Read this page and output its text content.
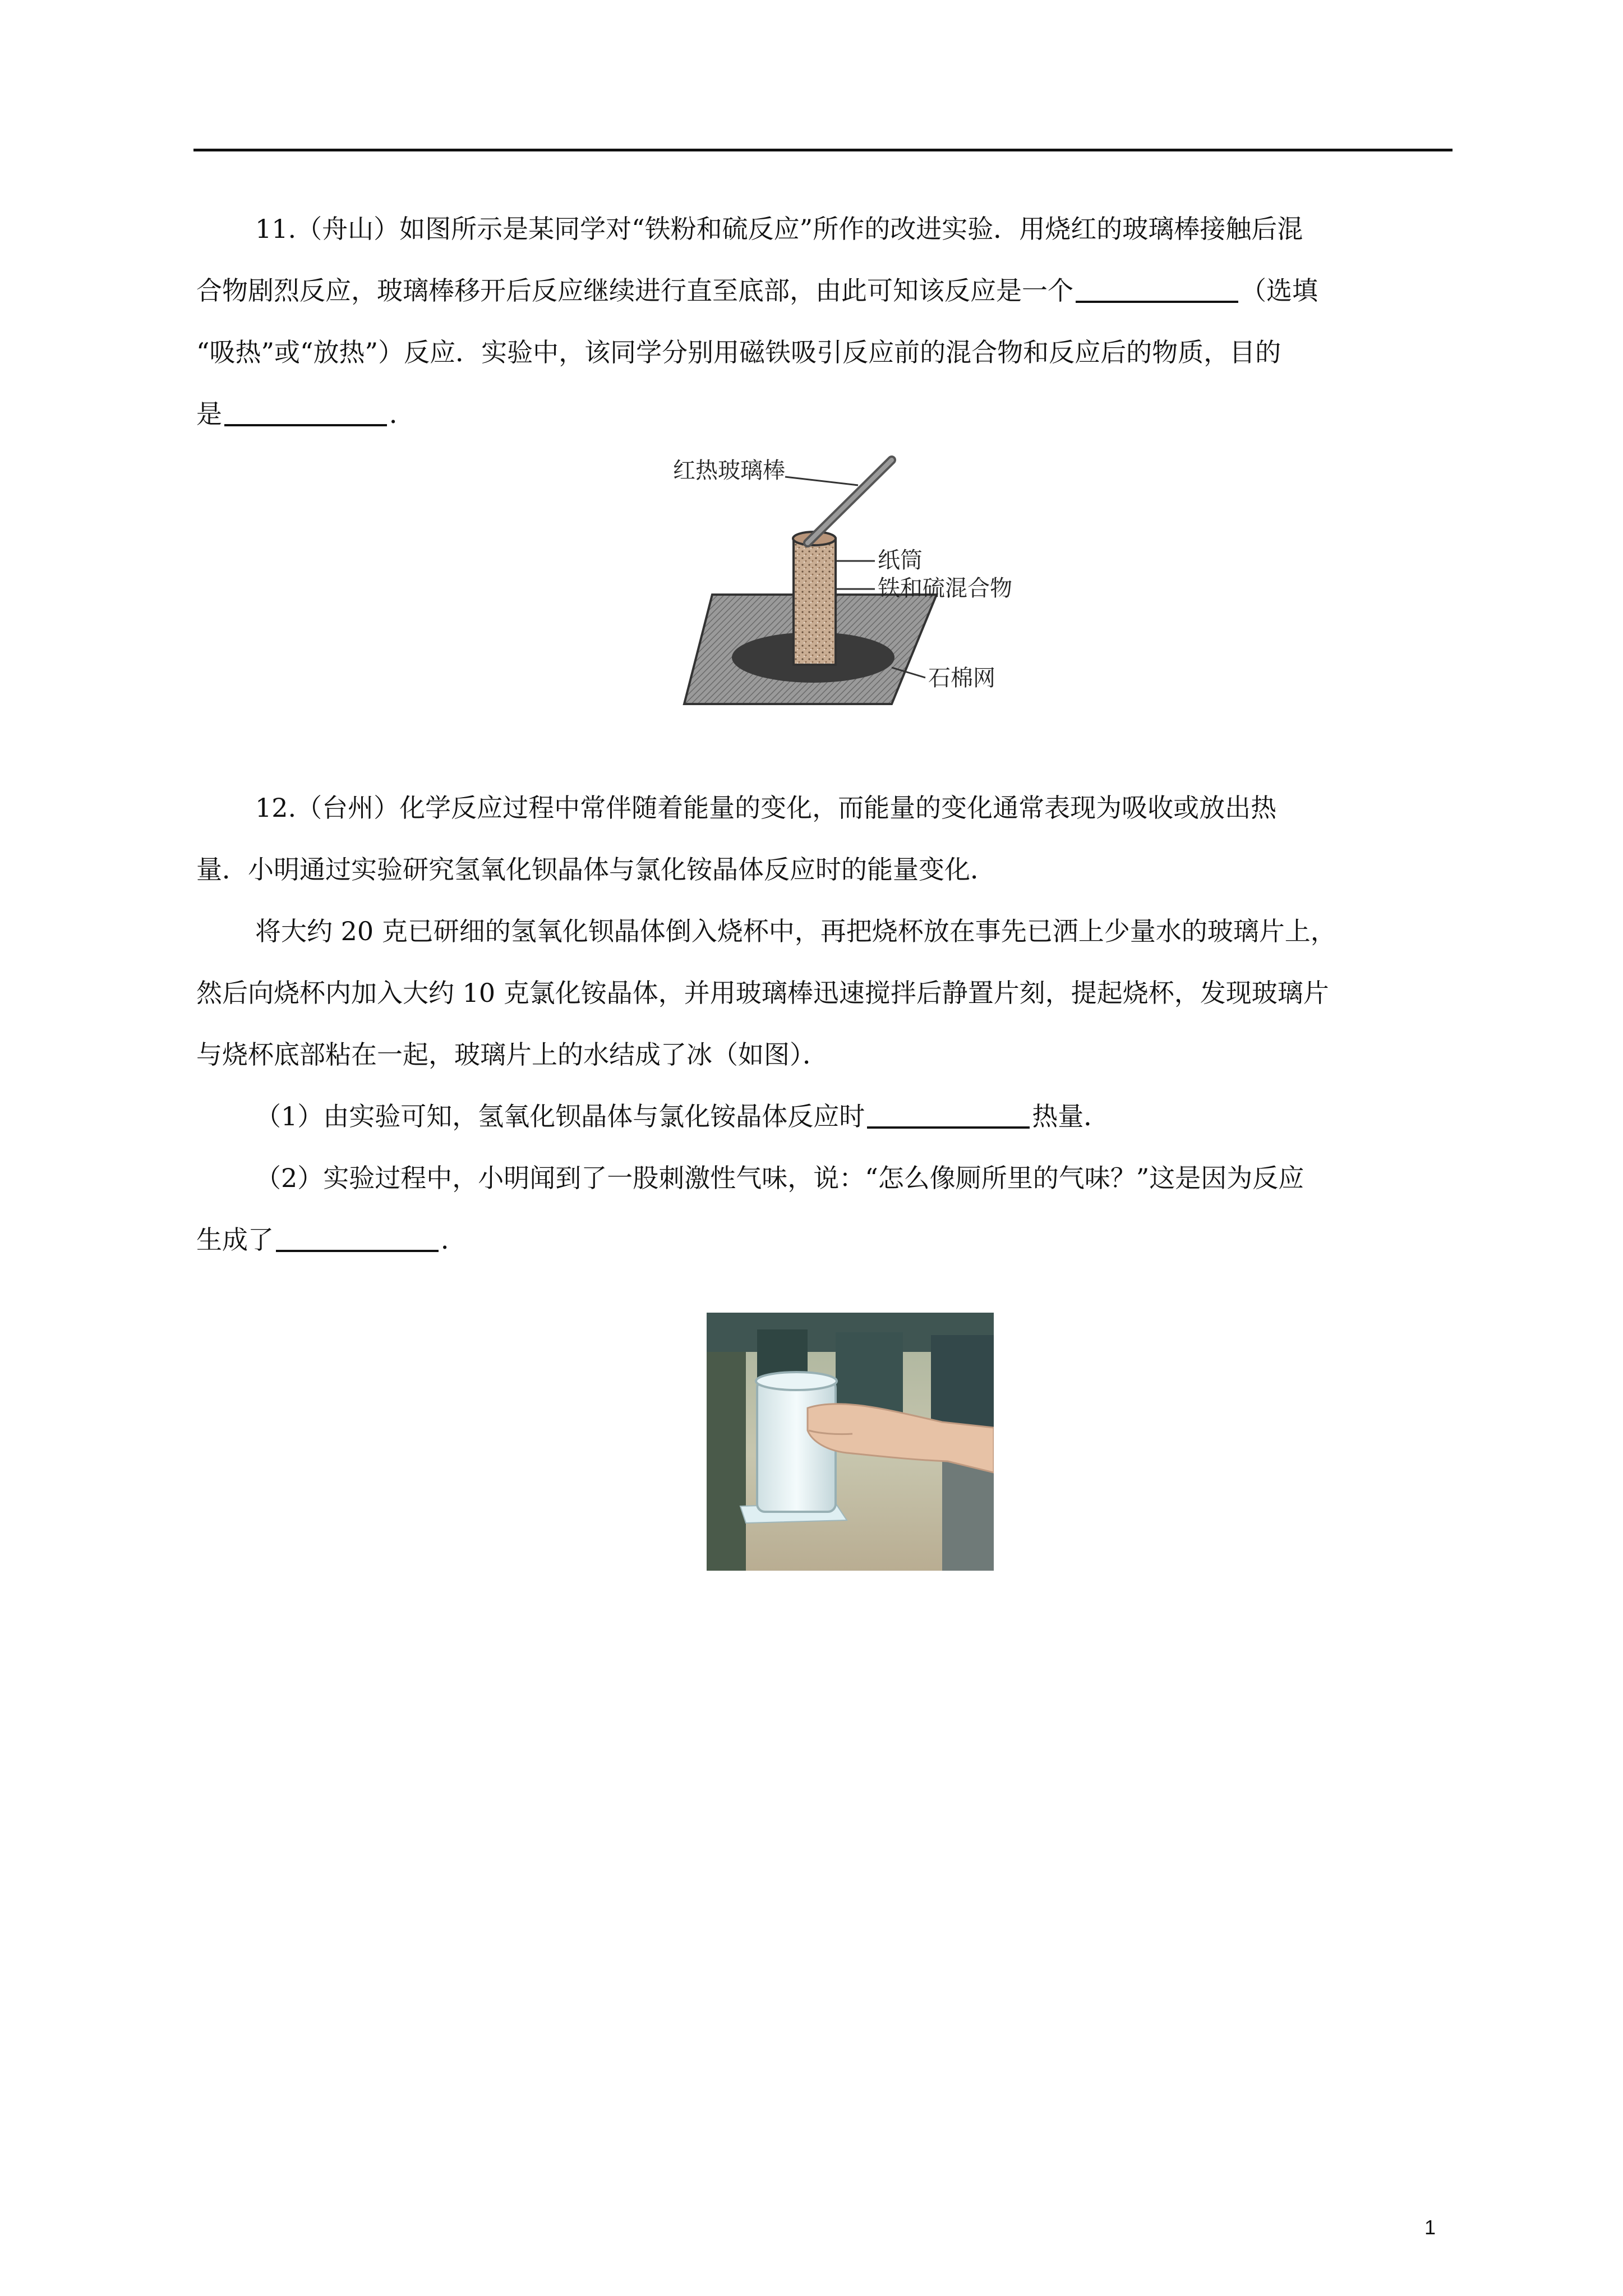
11.（舟山）如图所示是某同学对“铁粉和硫反应”所作的改进实验．用烧红的玻璃棒接触后混
合物剧烈反应，玻璃棒移开后反应继续进行直至底部，由此可知该反应是一个	（选填
“吸热”或“放热”）反应．实验中，该同学分别用磁铁吸引反应前的混合物和反应后的物质，目的
是	．
红热玻璃棒
纸筒
铁和硫混合物
石棉网
12.（台州）化学反应过程中常伴随着能量的变化，而能量的变化通常表现为吸收或放出热
量．小明通过实验研究氢氧化钡晶体与氯化铵晶体反应时的能量变化．
将大约 20 克已研细的氢氧化钡晶体倒入烧杯中，再把烧杯放在事先已洒上少量水的玻璃片上，
然后向烧杯内加入大约 10 克氯化铵晶体，并用玻璃棒迅速搅拌后静置片刻，提起烧杯，发现玻璃片
与烧杯底部粘在一起，玻璃片上的水结成了冰（如图）．
（1）由实验可知，氢氧化钡晶体与氯化铵晶体反应时	热量．
（2）实验过程中，小明闻到了一股刺激性气味，说：“怎么像厕所里的气味？”这是因为反应
生成了	．
1
